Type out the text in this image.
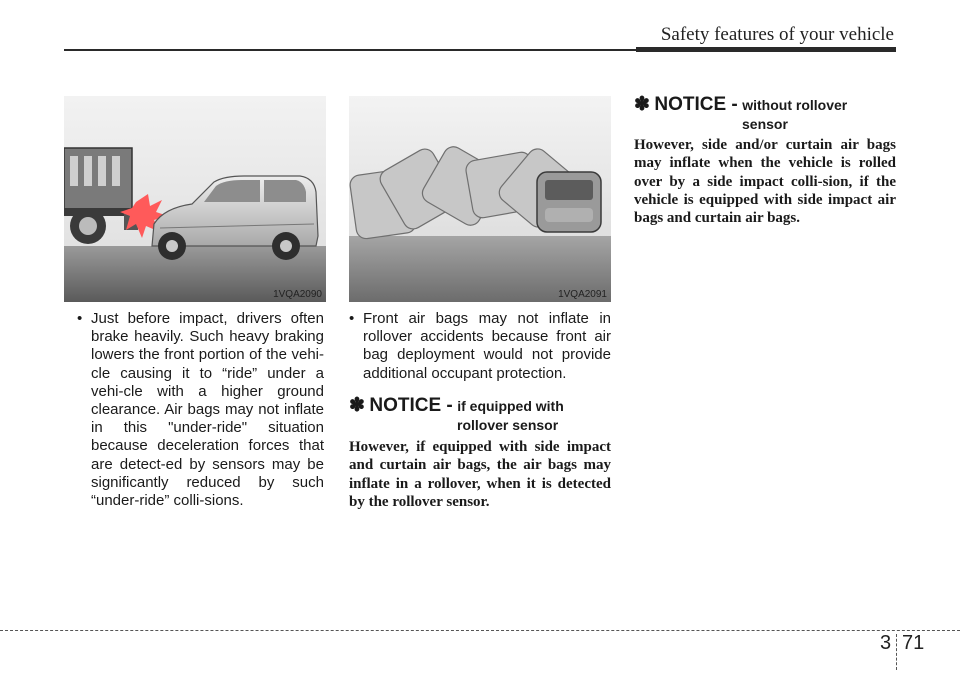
Safety features of your vehicle
1VQA2090	1VQA2091
• Just before impact, drivers often brake heavily. Such heavy braking lowers the front portion of the vehi-cle causing it to “ride” under a vehi-cle with a higher ground clearance. Air bags may not inflate in this "under-ride" situation because deceleration forces that are detect-ed by sensors may be significantly reduced by such “under-ride” colli-sions.
• Front air bags may not inflate in rollover accidents because front air bag deployment would not provide additional occupant protection.
✽ NOTICE - if equipped with
rollover sensor
However, if equipped with side impact and curtain air bags, the air bags may inflate in a rollover, when it is detected by the rollover sensor.
✽ NOTICE - without rollover
sensor
However, side and/or curtain air bags may inflate when the vehicle is rolled over by a side impact colli-sion, if the vehicle is equipped with side impact air bags and curtain air bags.
3 71
